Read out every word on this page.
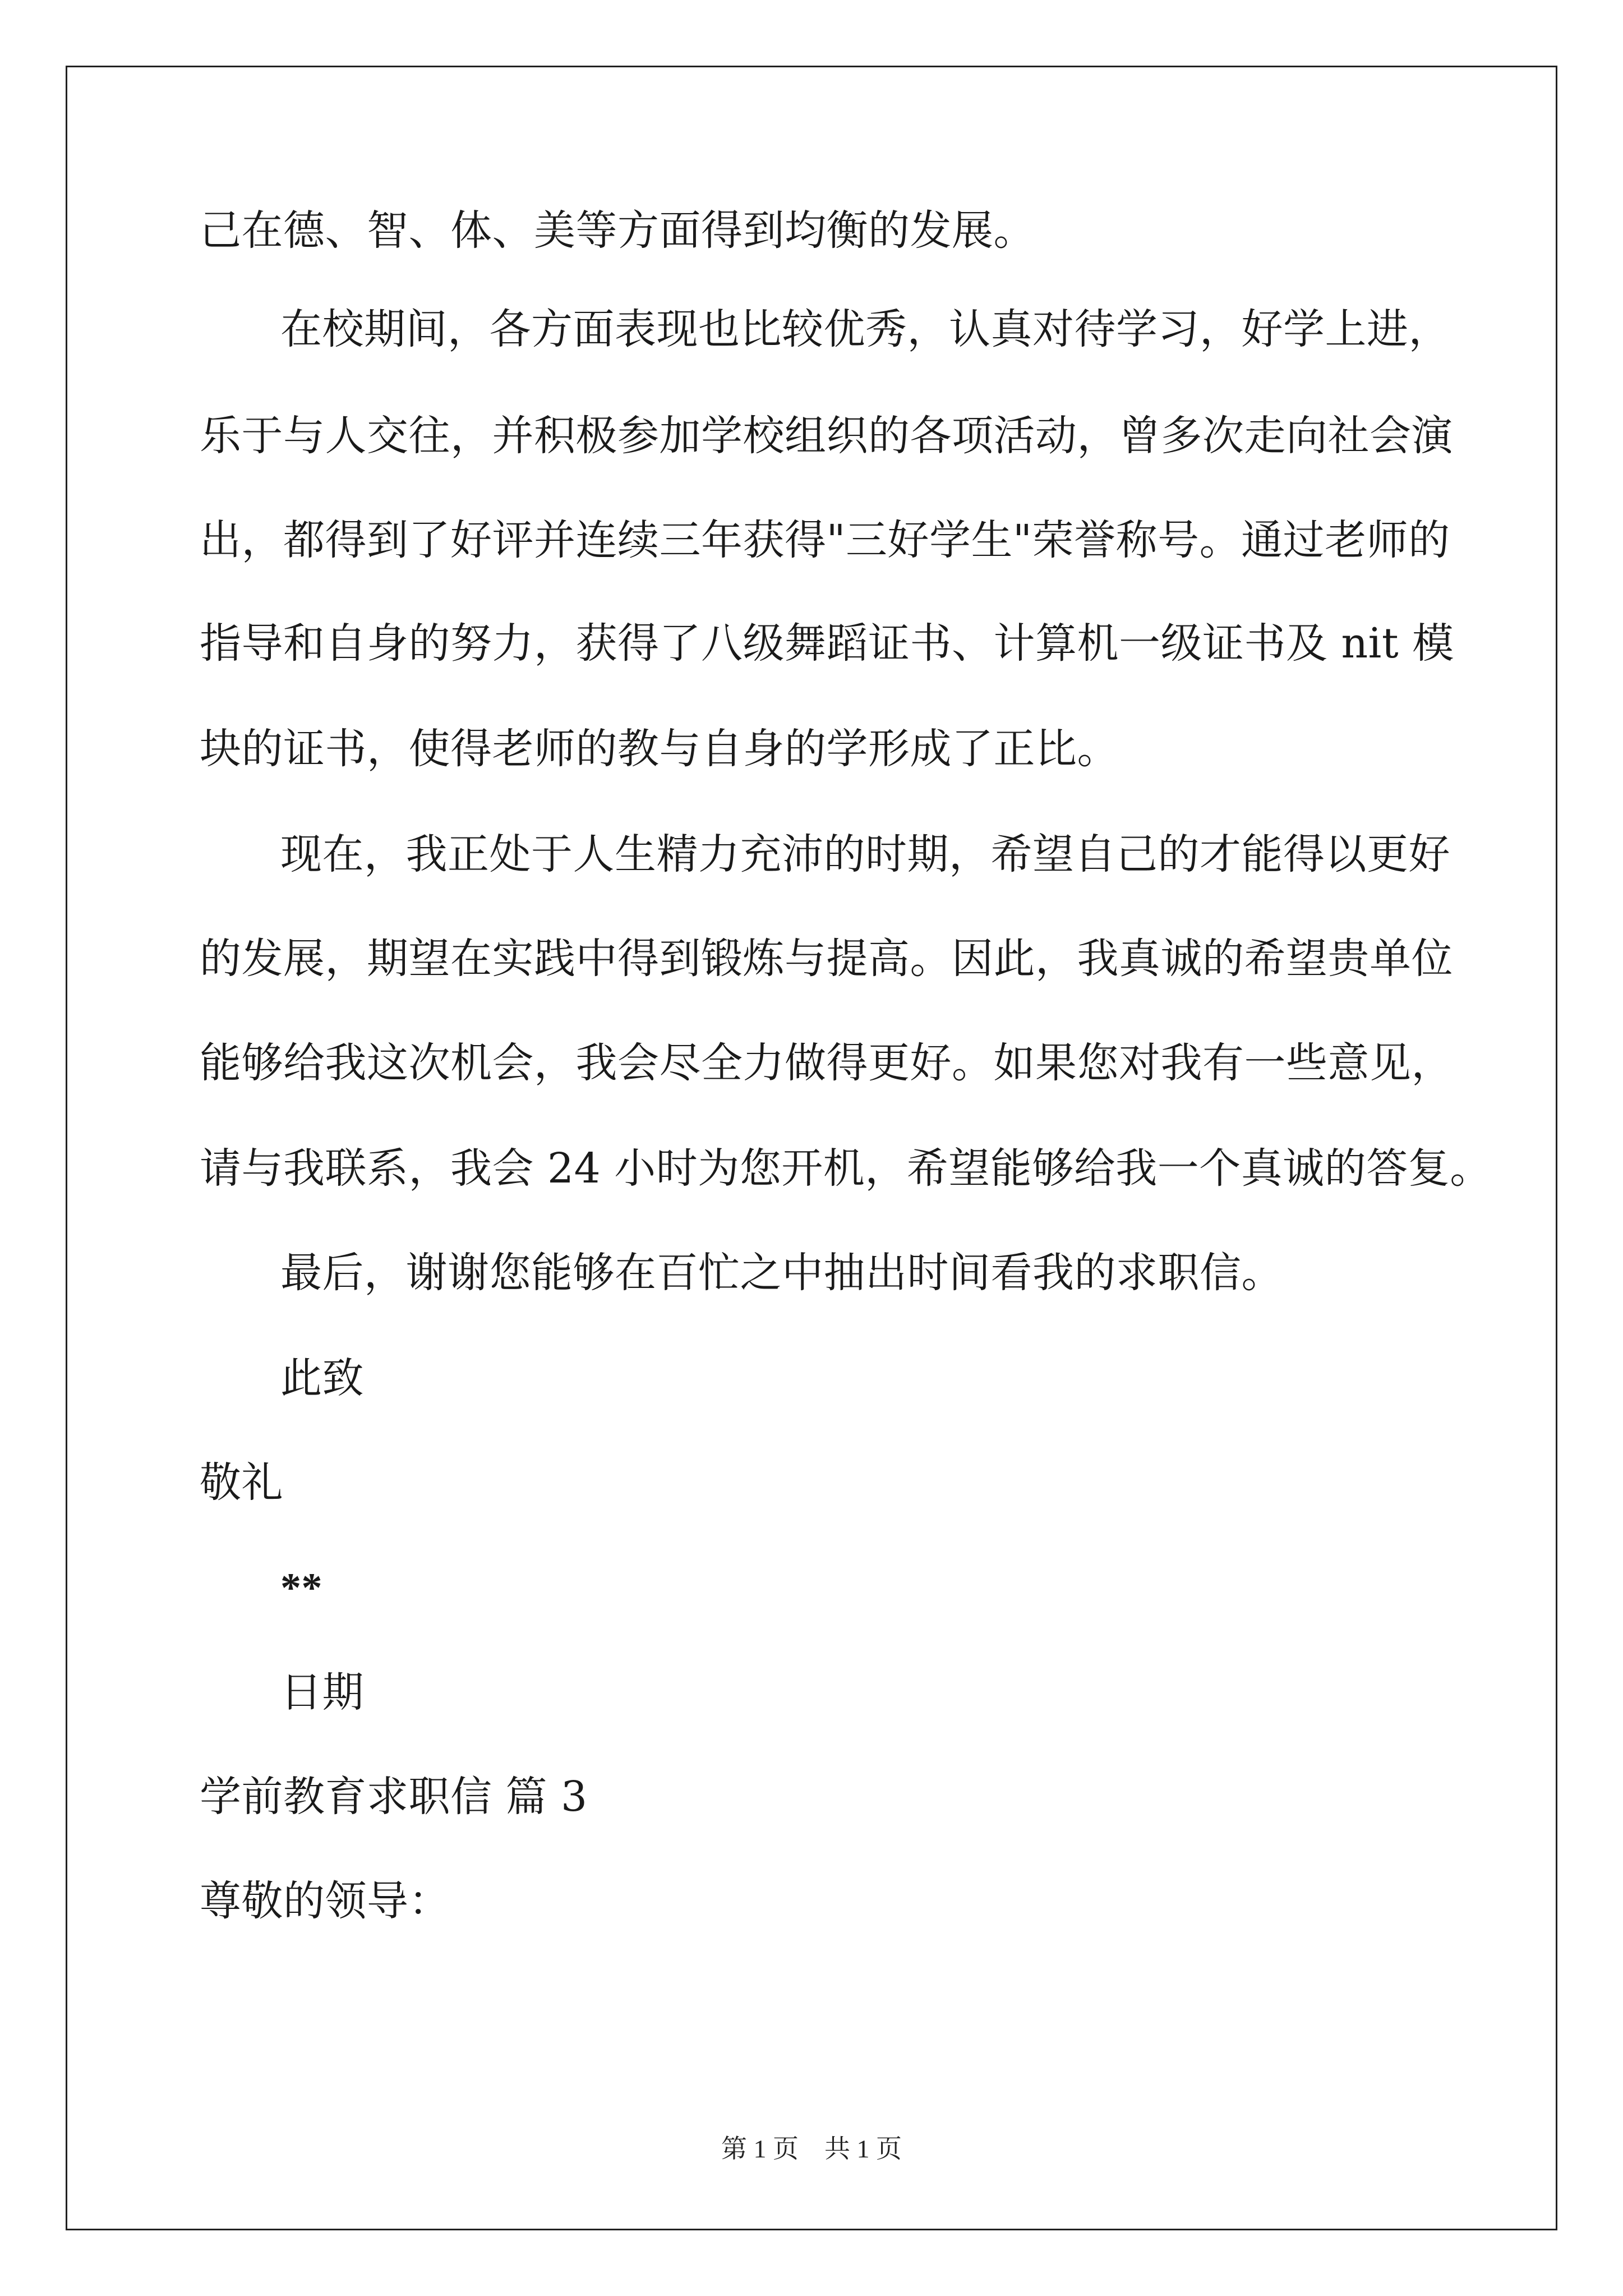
己在德、智、体、美等方面得到均衡的发展。
在校期间，各方面表现也比较优秀，认真对待学习，好学上进，
乐于与人交往，并积极参加学校组织的各项活动，曾多次走向社会演
出，都得到了好评并连续三年获得"三好学生"荣誉称号。通过老师的
指导和自身的努力，获得了八级舞蹈证书、计算机一级证书及 nit 模
块的证书，使得老师的教与自身的学形成了正比。
现在，我正处于人生精力充沛的时期，希望自己的才能得以更好
的发展，期望在实践中得到锻炼与提高。因此，我真诚的希望贵单位
能够给我这次机会，我会尽全力做得更好。如果您对我有一些意见，
请与我联系，我会 24 小时为您开机，希望能够给我一个真诚的答复。
最后，谢谢您能够在百忙之中抽出时间看我的求职信。
此致
敬礼
**
日期
学前教育求职信 篇 3
尊敬的领导：
第 1 页　共 1 页
